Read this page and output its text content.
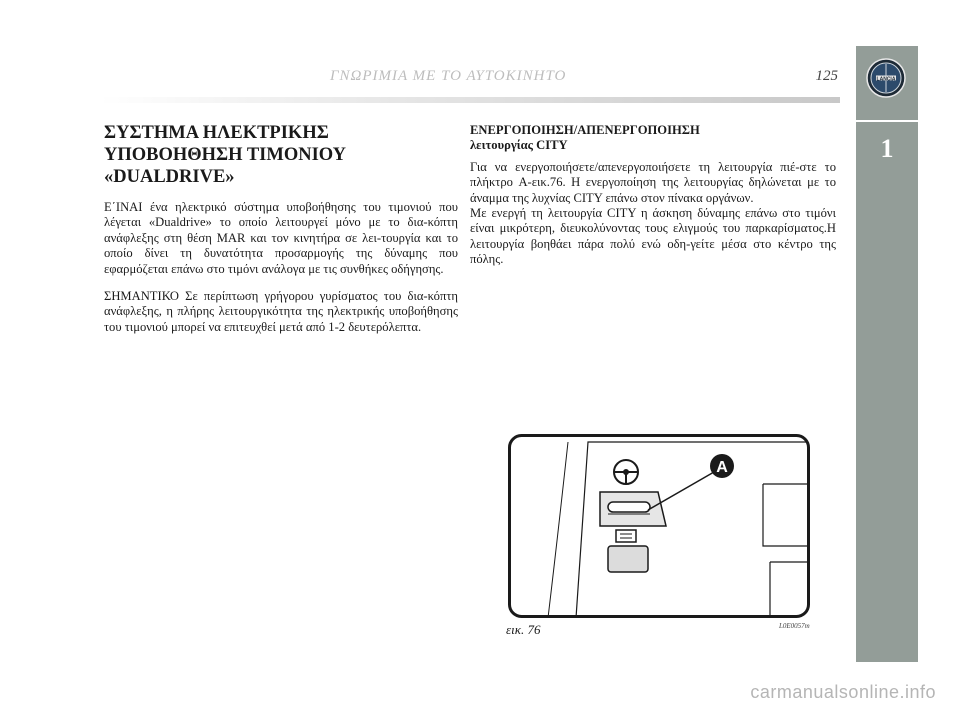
ΓΝΩΡΙΜΙΑ ΜΕ ΤΟ ΑΥΤΟΚΙΝΗΤΟ	125	LANCIA
1
ΣΥΣΤΗΜΑ ΗΛΕΚΤΡΙΚΗΣ
ΥΠΟΒΟΗΘΗΣΗ ΤΙΜΟΝΙΟΥ
«DUALDRIVE»

Ε΄ΙΝΑΙ ένα ηλεκτρικό σύστημα υποβοήθησης του τιμονιού που λέγεται «Dualdrive» το οποίο λειτουργεί μόνο με το δια-κόπτη ανάφλεξης στη θέση MAR και τον κινητήρα σε λει-τουργία και το οποίο δίνει τη δυνατότητα προσαρμογής της δύναμης που εφαρμόζεται επάνω στο τιμόνι ανάλογα με τις συνθήκες οδήγησης.

ΣΗΜΑΝΤΙΚΟ Σε περίπτωση γρήγορου γυρίσματος του δια-κόπτη ανάφλεξης, η πλήρης λειτουργικότητα της ηλεκτρικής υποβοήθησης του τιμονιού μπορεί να επιτευχθεί μετά από 1-2 δευτερόλεπτα.

ΕΝΕΡΓΟΠΟΙΗΣΗ/ΑΠΕΝΕΡΓΟΠΟΙΗΣΗ

λειτουργίας CITY

Για να ενεργοποιήσετε/απενεργοποιήσετε τη λειτουργία πιέ-στε το πλήκτρο A-εικ.76. Η ενεργοποίηση της λειτουργίας δηλώνεται με το άναμμα της λυχνίας CITY επάνω στον πίνακα οργάνων.

Με ενεργή τη λειτουργία CITY η άσκηση δύναμης επάνω στο τιμόνι είναι μικρότερη, διευκολύνοντας τους ελιγμούς του παρκαρίσματος.Η λειτουργία βοηθάει πάρα πολύ ενώ οδη-γείτε μέσα στο κέντρο της πόλης.

A
εικ. 76	L0E0057m
carmanualsonline.info
